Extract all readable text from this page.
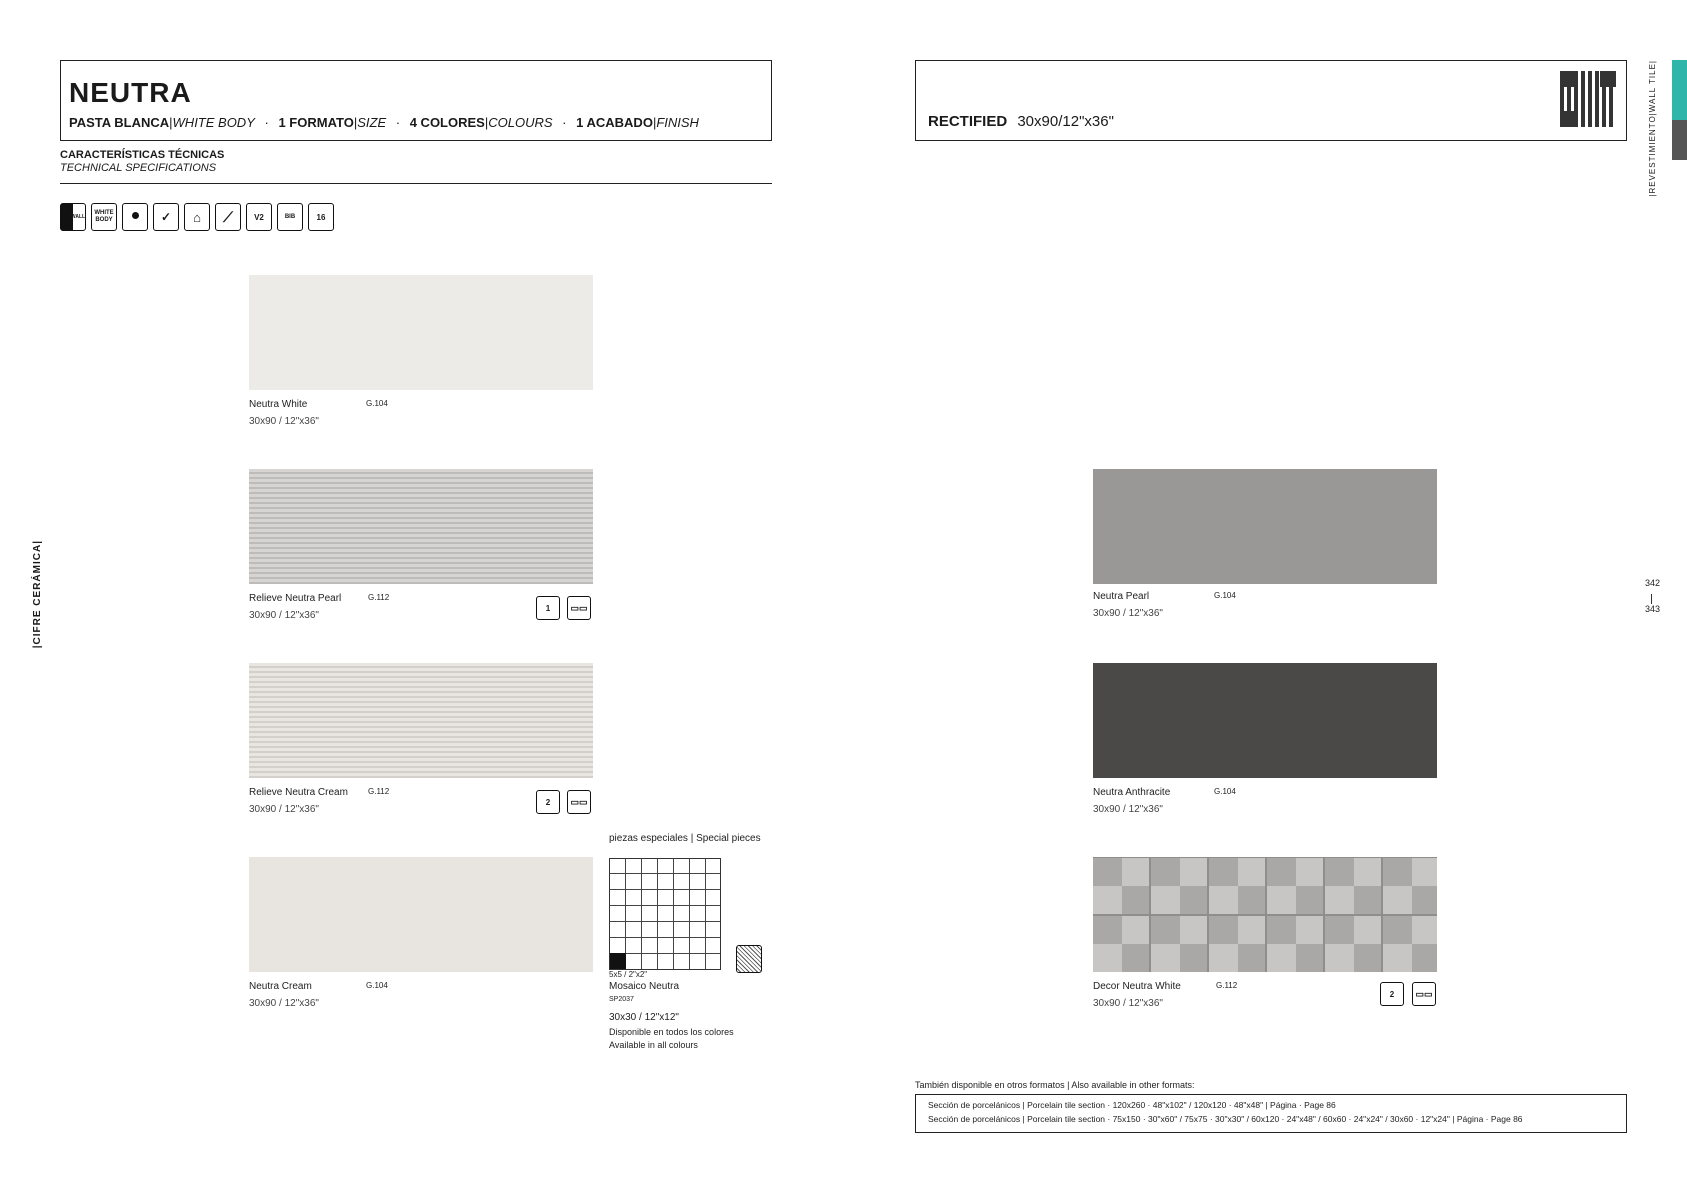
NEUTRA
PASTA BLANCA|WHITE BODY · 1 FORMATO|SIZE · 4 COLORES|COLOURS · 1 ACABADO|FINISH
CARACTERÍSTICAS TÉCNICAS
TECHNICAL SPECIFICATIONS
WALL
WHITE BODY	✓	⌂	⟋	V2	BIB	16
|CIFRE CERÁMICA|
Neutra White	G.104
30x90 / 12"x36"
Relieve Neutra Pearl	G.112
30x90 / 12"x36"
1	▭▭
Relieve Neutra Cream	G.112
30x90 / 12"x36"
2	▭▭
Neutra Cream	G.104
30x90 / 12"x36"
piezas especiales | Special pieces
5x5 / 2"x2"
Mosaico Neutra
SP2037
30x30 / 12"x12"
Disponible en todos los colores
Available in all colours
RECTIFIED 30x90/12"x36"	|REVESTIMIENTO|WALL TILE|
342
343
Neutra Pearl	G.104
30x90 / 12"x36"
Neutra Anthracite	G.104
30x90 / 12"x36"
Decor Neutra White	G.112
30x90 / 12"x36"
2	▭▭
También disponible en otros formatos | Also available in other formats:
Sección de porcelánicos | Porcelain tile section · 120x260 · 48"x102" / 120x120 · 48"x48" | Página · Page 86
Sección de porcelánicos | Porcelain tile section · 75x150 · 30"x60" / 75x75 · 30"x30" / 60x120 · 24"x48" / 60x60 · 24"x24" / 30x60 · 12"x24" | Página · Page 86
